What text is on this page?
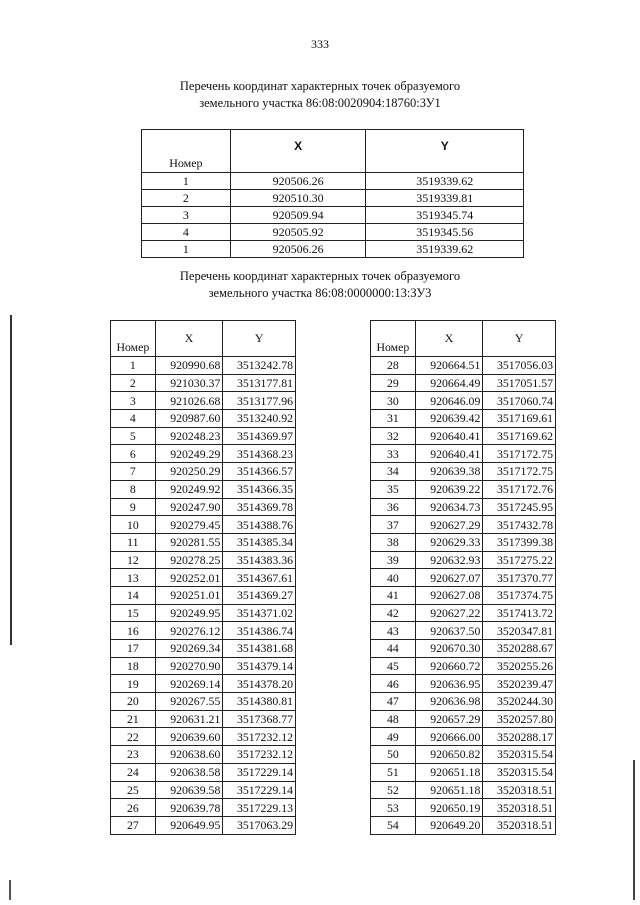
333
Перечень координат характерных точек образуемого
земельного участка 86:08:0020904:18760:ЗУ1
Номер	X	Y
1	920506.26	3519339.62
2	920510.30	3519339.81
3	920509.94	3519345.74
4	920505.92	3519345.56
1	920506.26	3519339.62
Перечень координат характерных точек образуемого
земельного участка 86:08:0000000:13:ЗУ3
Номер	X	Y
1	920990.68	3513242.78
2	921030.37	3513177.81
3	921026.68	3513177.96
4	920987.60	3513240.92
5	920248.23	3514369.97
6	920249.29	3514368.23
7	920250.29	3514366.57
8	920249.92	3514366.35
9	920247.90	3514369.78
10	920279.45	3514388.76
11	920281.55	3514385.34
12	920278.25	3514383.36
13	920252.01	3514367.61
14	920251.01	3514369.27
15	920249.95	3514371.02
16	920276.12	3514386.74
17	920269.34	3514381.68
18	920270.90	3514379.14
19	920269.14	3514378.20
20	920267.55	3514380.81
21	920631.21	3517368.77
22	920639.60	3517232.12
23	920638.60	3517232.12
24	920638.58	3517229.14
25	920639.58	3517229.14
26	920639.78	3517229.13
27	920649.95	3517063.29
Номер	X	Y
28	920664.51	3517056.03
29	920664.49	3517051.57
30	920646.09	3517060.74
31	920639.42	3517169.61
32	920640.41	3517169.62
33	920640.41	3517172.75
34	920639.38	3517172.75
35	920639.22	3517172.76
36	920634.73	3517245.95
37	920627.29	3517432.78
38	920629.33	3517399.38
39	920632.93	3517275.22
40	920627.07	3517370.77
41	920627.08	3517374.75
42	920627.22	3517413.72
43	920637.50	3520347.81
44	920670.30	3520288.67
45	920660.72	3520255.26
46	920636.95	3520239.47
47	920636.98	3520244.30
48	920657.29	3520257.80
49	920666.00	3520288.17
50	920650.82	3520315.54
51	920651.18	3520315.54
52	920651.18	3520318.51
53	920650.19	3520318.51
54	920649.20	3520318.51
